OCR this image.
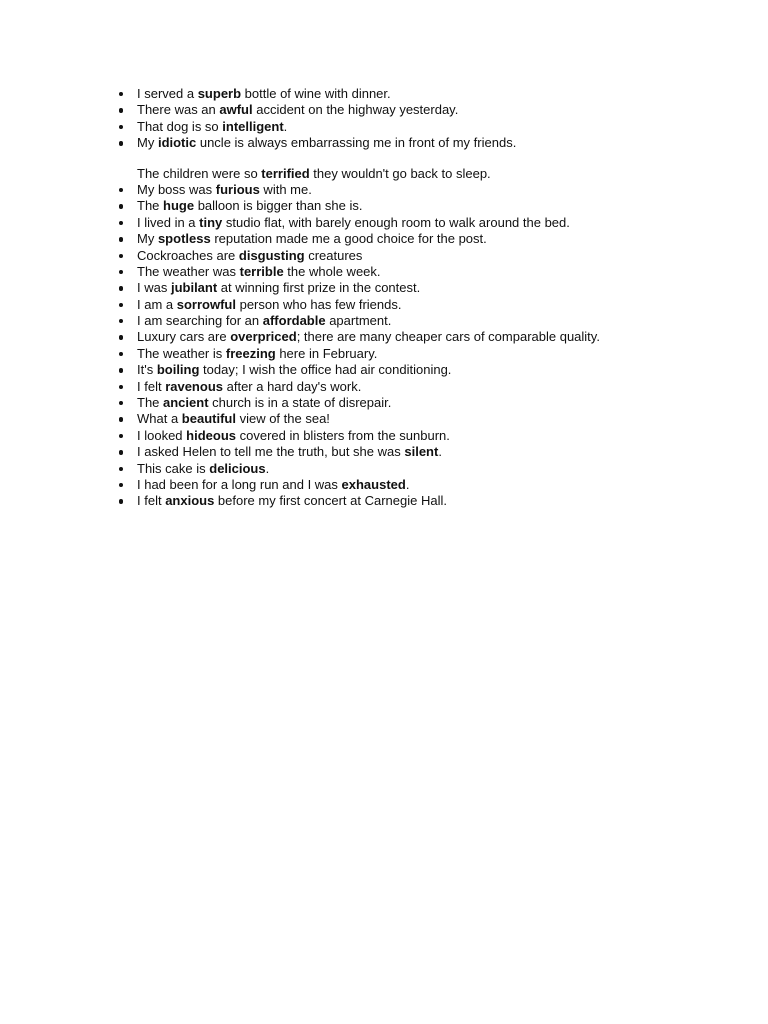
I served a superb bottle of wine with dinner.
There was an awful accident on the highway yesterday.
That dog is so intelligent.
My idiotic uncle is always embarrassing me in front of my friends.
The children were so terrified they wouldn't go back to sleep.
My boss was furious with me.
The huge balloon is bigger than she is.
I lived in a tiny studio flat, with barely enough room to walk around the bed.
My spotless reputation made me a good choice for the post.
Cockroaches are disgusting creatures
The weather was terrible the whole week.
I was jubilant at winning first prize in the contest.
I am a sorrowful person who has few friends.
I am searching for an affordable apartment.
Luxury cars are overpriced; there are many cheaper cars of comparable quality.
The weather is freezing here in February.
It's boiling today; I wish the office had air conditioning.
I felt ravenous after a hard day's work.
The ancient church is in a state of disrepair.
What a beautiful view of the sea!
I looked hideous covered in blisters from the sunburn.
I asked Helen to tell me the truth, but she was silent.
This cake is delicious.
I had been for a long run and I was exhausted.
I felt anxious before my first concert at Carnegie Hall.
